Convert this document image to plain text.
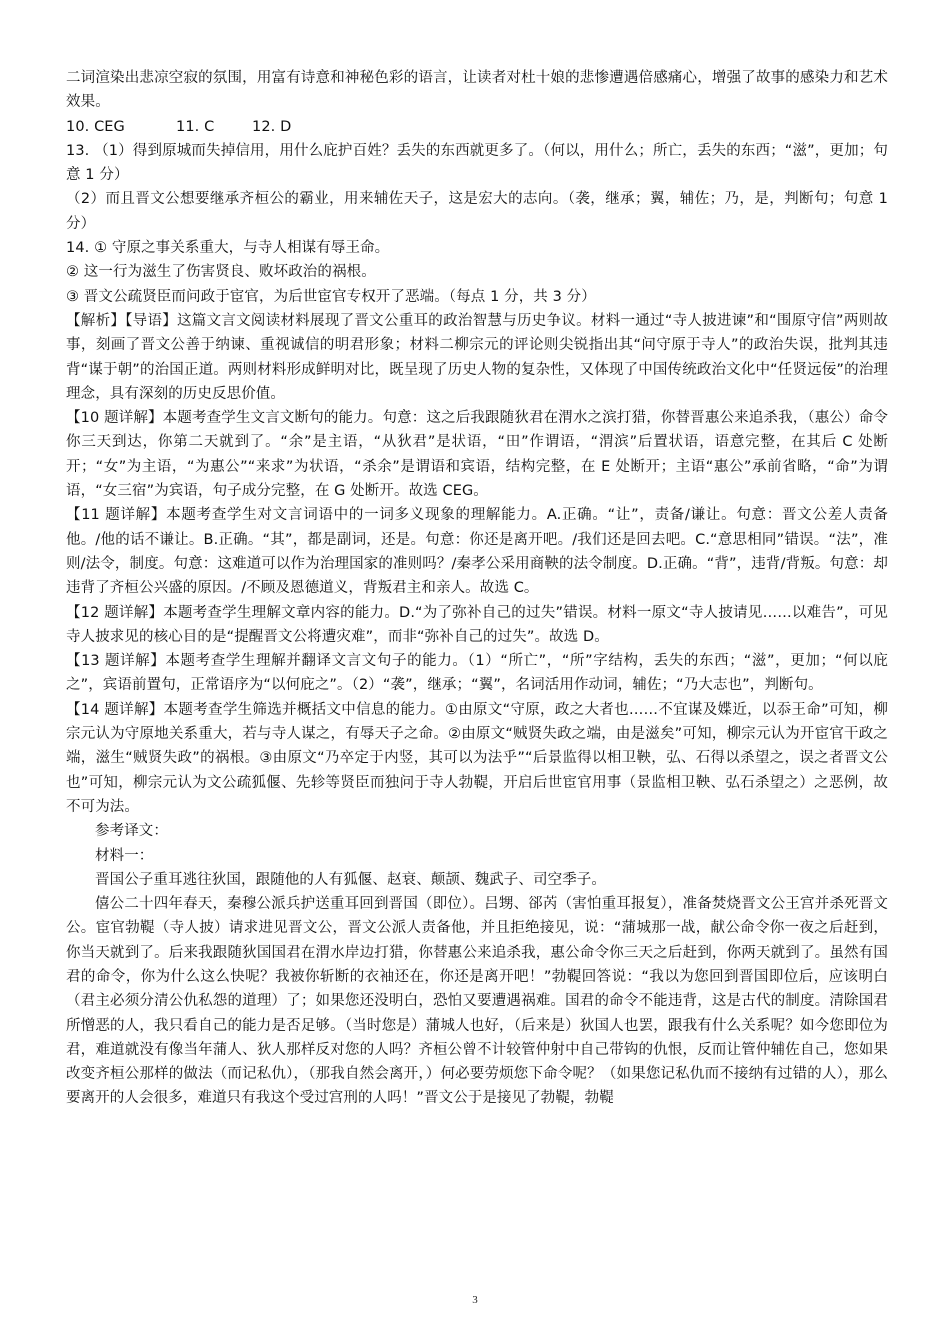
二词渲染出悲凉空寂的氛围，用富有诗意和神秘色彩的语言，让读者对杜十娘的悲惨遭遇倍感痛心，增强了故事的感染力和艺术效果。

10. CEG	11. C	12. D

13. （1）得到原城而失掉信用，用什么庇护百姓？丢失的东西就更多了。（何以，用什么；所亡，丢失的东西；“滋”，更加；句意 1 分）

（2）而且晋文公想要继承齐桓公的霸业，用来辅佐天子，这是宏大的志向。（袭，继承；翼，辅佐；乃，是，判断句；句意 1 分）

14. ① 守原之事关系重大，与寺人相谋有辱王命。

② 这一行为滋生了伤害贤良、败坏政治的祸根。

③ 晋文公疏贤臣而问政于宦官，为后世宦官专权开了恶端。（每点 1 分，共 3 分）

【解析】【导语】这篇文言文阅读材料展现了晋文公重耳的政治智慧与历史争议。材料一通过“寺人披进谏”和“围原守信”两则故事，刻画了晋文公善于纳谏、重视诚信的明君形象；材料二柳宗元的评论则尖锐指出其“问守原于寺人”的政治失误，批判其违背“谋于朝”的治国正道。两则材料形成鲜明对比，既呈现了历史人物的复杂性，又体现了中国传统政治文化中“任贤远佞”的治理理念，具有深刻的历史反思价值。

【10 题详解】本题考查学生文言文断句的能力。句意：这之后我跟随狄君在渭水之滨打猎，你替晋惠公来追杀我，（惠公）命令你三天到达，你第二天就到了。“余”是主语，“从狄君”是状语，“田”作谓语，“渭滨”后置状语，语意完整，在其后 C 处断开；“女”为主语，“为惠公”“来求”为状语，“杀余”是谓语和宾语，结构完整，在 E 处断开；主语“惠公”承前省略，“命”为谓语，“女三宿”为宾语，句子成分完整，在 G 处断开。故选 CEG。

【11 题详解】本题考查学生对文言词语中的一词多义现象的理解能力。A.正确。“让”，责备/谦让。句意：晋文公差人责备他。/他的话不谦让。B.正确。“其”，都是副词，还是。句意：你还是离开吧。/我们还是回去吧。C.“意思相同”错误。“法”，准则/法令，制度。句意：这难道可以作为治理国家的准则吗？/秦孝公采用商鞅的法令制度。D.正确。“背”，违背/背叛。句意：却违背了齐桓公兴盛的原因。/不顾及恩德道义，背叛君主和亲人。故选 C。

【12 题详解】本题考查学生理解文章内容的能力。D.“为了弥补自己的过失”错误。材料一原文“寺人披请见……以难告”，可见寺人披求见的核心目的是“提醒晋文公将遭灾难”，而非“弥补自己的过失”。故选 D。

【13 题详解】本题考查学生理解并翻译文言文句子的能力。（1）“所亡”，“所”字结构，丢失的东西；“滋”，更加；“何以庇之”，宾语前置句，正常语序为“以何庇之”。（2）“袭”，继承；“翼”，名词活用作动词，辅佐；“乃大志也”，判断句。

【14 题详解】本题考查学生筛选并概括文中信息的能力。①由原文“守原，政之大者也……不宜谋及媟近，以忝王命”可知，柳宗元认为守原地关系重大，若与寺人谋之，有辱天子之命。②由原文“贼贤失政之端，由是滋矣”可知，柳宗元认为开宦官干政之端，滋生“贼贤失政”的祸根。③由原文“乃卒定于内竖，其可以为法乎”“后景监得以相卫鞅，弘、石得以杀望之，误之者晋文公也”可知，柳宗元认为文公疏狐偃、先轸等贤臣而独问于寺人勃鞮，开启后世宦官用事（景监相卫鞅、弘石杀望之）之恶例，故不可为法。

参考译文：

材料一：

晋国公子重耳逃往狄国，跟随他的人有狐偃、赵衰、颠颉、魏武子、司空季子。

僖公二十四年春天，秦穆公派兵护送重耳回到晋国（即位）。吕甥、郤芮（害怕重耳报复），准备焚烧晋文公王宫并杀死晋文公。宦官勃鞮（寺人披）请求进见晋文公，晋文公派人责备他，并且拒绝接见，说：“蒲城那一战，献公命令你一夜之后赶到，你当天就到了。后来我跟随狄国国君在渭水岸边打猎，你替惠公来追杀我，惠公命令你三天之后赶到，你两天就到了。虽然有国君的命令，你为什么这么快呢？我被你斩断的衣袖还在，你还是离开吧！”勃鞮回答说：“我以为您回到晋国即位后，应该明白（君主必须分清公仇私怨的道理）了；如果您还没明白，恐怕又要遭遇祸难。国君的命令不能违背，这是古代的制度。清除国君所憎恶的人，我只看自己的能力是否足够。（当时您是）蒲城人也好，（后来是）狄国人也罢，跟我有什么关系呢？如今您即位为君，难道就没有像当年蒲人、狄人那样反对您的人吗？齐桓公曾不计较管仲射中自己带钩的仇恨，反而让管仲辅佐自己，您如果改变齐桓公那样的做法（而记私仇），（那我自然会离开，）何必要劳烦您下命令呢？（如果您记私仇而不接纳有过错的人），那么要离开的人会很多，难道只有我这个受过宫刑的人吗！”晋文公于是接见了勃鞮，勃鞮

3
